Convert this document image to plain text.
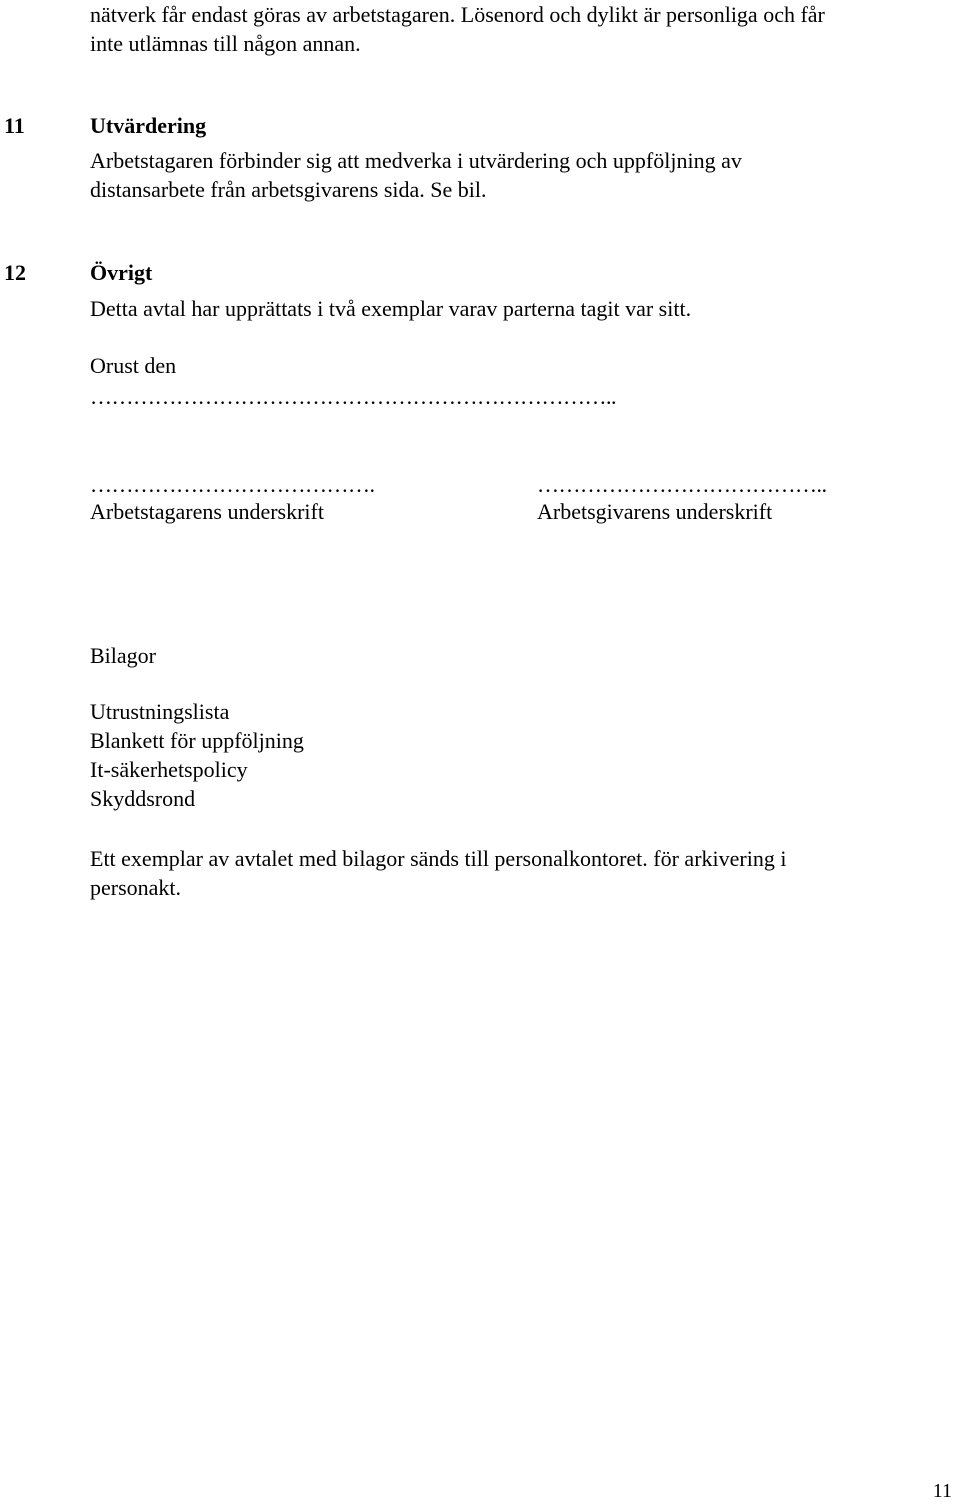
nätverk får endast göras av arbetstagaren. Lösenord och dylikt är personliga och får

inte utlämnas till någon annan.

11	Utvärdering

Arbetstagaren förbinder sig att medverka i utvärdering och uppföljning av

distansarbete från arbetsgivarens sida. Se bil.

12	Övrigt

Detta avtal har upprättats i två exemplar varav parterna tagit var sitt.

Orust den

………………………………………………………………..

………………………………….

Arbetstagarens underskrift

…………………………………..

Arbetsgivarens underskrift

Bilagor

Utrustningslista
Blankett för uppföljning
It-säkerhetspolicy
Skyddsrond

Ett exemplar av avtalet med bilagor sänds till personalkontoret. för arkivering i

personakt.

11
